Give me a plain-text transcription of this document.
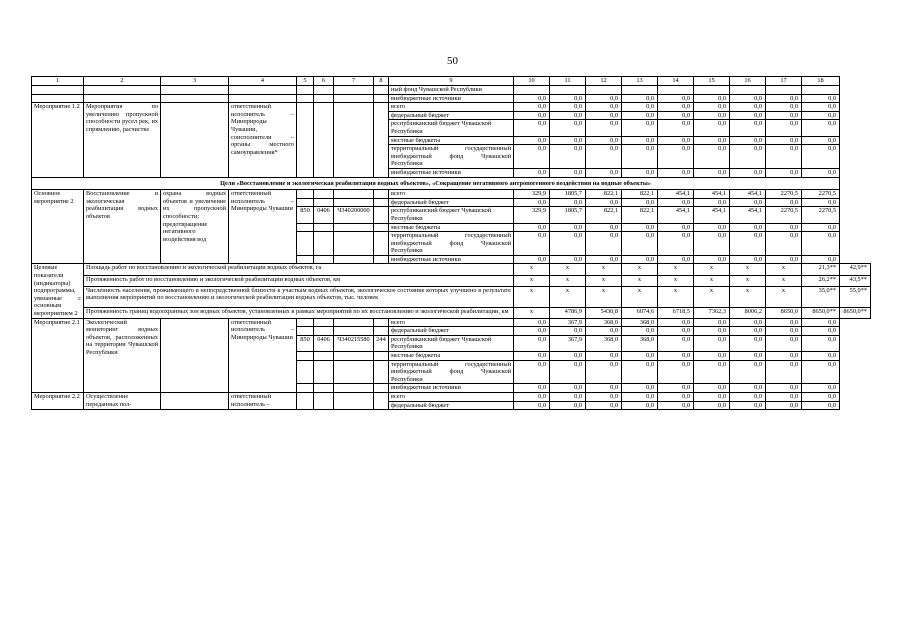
50
1	2	3	4	5	6	7	8	9	10	11	12	13	14	15	16	17	18	
								ный фонд Чувашской Республики										
								внебюджетные источники	0,0	0,0	0,0	0,0	0,0	0,0	0,0	0,0	0,0	
Мероприятие 1.2	Мероприятия по увеличению пропускной способности русел рек, их спрямлению, расчистке		ответственный исполнитель – Минприроды Чувашии, соисполнители – органы местного самоуправления*					всего	0,0	0,0	0,0	0,0	0,0	0,0	0,0	0,0	0,0	
								федеральный бюджет	0,0	0,0	0,0	0,0	0,0	0,0	0,0	0,0	0,0	
								республиканский бюджет Чувашской Республики	0,0	0,0	0,0	0,0	0,0	0,0	0,0	0,0	0,0	
								местные бюджеты	0,0	0,0	0,0	0,0	0,0	0,0	0,0	0,0	0,0	
								территориальный государственный внебюджетный фонд Чувашской Республики	0,0	0,0	0,0	0,0	0,0	0,0	0,0	0,0	0,0	
								внебюджетные источники	0,0	0,0	0,0	0,0	0,0	0,0	0,0	0,0	0,0	
Цели «Восстановление и экологическая реабилитация водных объектов», «Сокращение негативного антропогенного воздействия на водные объекты»																		
Основное мероприятие 2	Восстановление и экологическая реабилитация водных объектов	охрана водных объектов и увеличение их пропускной способности; предотвращение негативного воздействия вод	ответственный исполнитель – Минприроды Чувашии					всего	329,9	1805,7	822,1	822,1	454,1	454,1	454,1	2270,5	2270,5	
								федеральный бюджет	0,0	0,0	0,0	0,0	0,0	0,0	0,0	0,0	0,0	
				850	0406	Ч340200000		республиканский бюджет Чувашской Республики	329,9	1805,7	822,1	822,1	454,1	454,1	454,1	2270,5	2270,5	
								местные бюджеты	0,0	0,0	0,0	0,0	0,0	0,0	0,0	0,0	0,0	
								территориальный государственный внебюджетный фонд Чувашской Республики	0,0	0,0	0,0	0,0	0,0	0,0	0,0	0,0	0,0	
								внебюджетные источники	0,0	0,0	0,0	0,0	0,0	0,0	0,0	0,0	0,0	
Целевые показатели (индикаторы) подпрограммы, увязанные с основным мероприятием 2	Площадь работ по восстановлению и экологической реабилитации водных объектов, га								x	x	x	x	x	x	x	x	21,3**	42,9**
	Протяженность работ по восстановлению и экологической реабилитации водных объектов, км								x	x	x	x	x	x	x	x	26,2**	43,5**
	Численность населения, проживающего в непосредственной близости к участкам водных объектов, экологическое состояние которых улучшено в результате выполнения мероприятий по восстановлению и экологической реабилитации водных объектов, тыс. человек								x	x	x	x	x	x	x	x	35,0**	55,0**
	Протяженность границ водоохранных зон водных объектов, установленных в рамках мероприятий по их восстановлению и экологической реабилитации, км								x	4786,9	5430,8	6074,6	6718,5	7362,3	8006,2	8650,0	8650,0**	8650,0**
Мероприятие 2.1	Экологический мониторинг водных объектов, расположенных на территории Чувашской Республики		ответственный исполнитель – Минприроды Чувашии					всего	0,0	367,9	368,0	368,0	0,0	0,0	0,0	0,0	0,0	
								федеральный бюджет	0,0	0,0	0,0	0,0	0,0	0,0	0,0	0,0	0,0	
				850	0406	Ч340215580	244	республиканский бюджет Чувашской Республики	0,0	367,9	368,0	368,0	0,0	0,0	0,0	0,0	0,0	
								местные бюджеты	0,0	0,0	0,0	0,0	0,0	0,0	0,0	0,0	0,0	
								территориальный государственный внебюджетный фонд Чувашской Республики	0,0	0,0	0,0	0,0	0,0	0,0	0,0	0,0	0,0	
								внебюджетные источники	0,0	0,0	0,0	0,0	0,0	0,0	0,0	0,0	0,0	
Мероприятие 2.2	Осуществление переданных пол-		ответственный исполнитель –					всего	0,0	0,0	0,0	0,0	0,0	0,0	0,0	0,0	0,0	
								федеральный бюджет	0,0	0,0	0,0	0,0	0,0	0,0	0,0	0,0	0,0	
